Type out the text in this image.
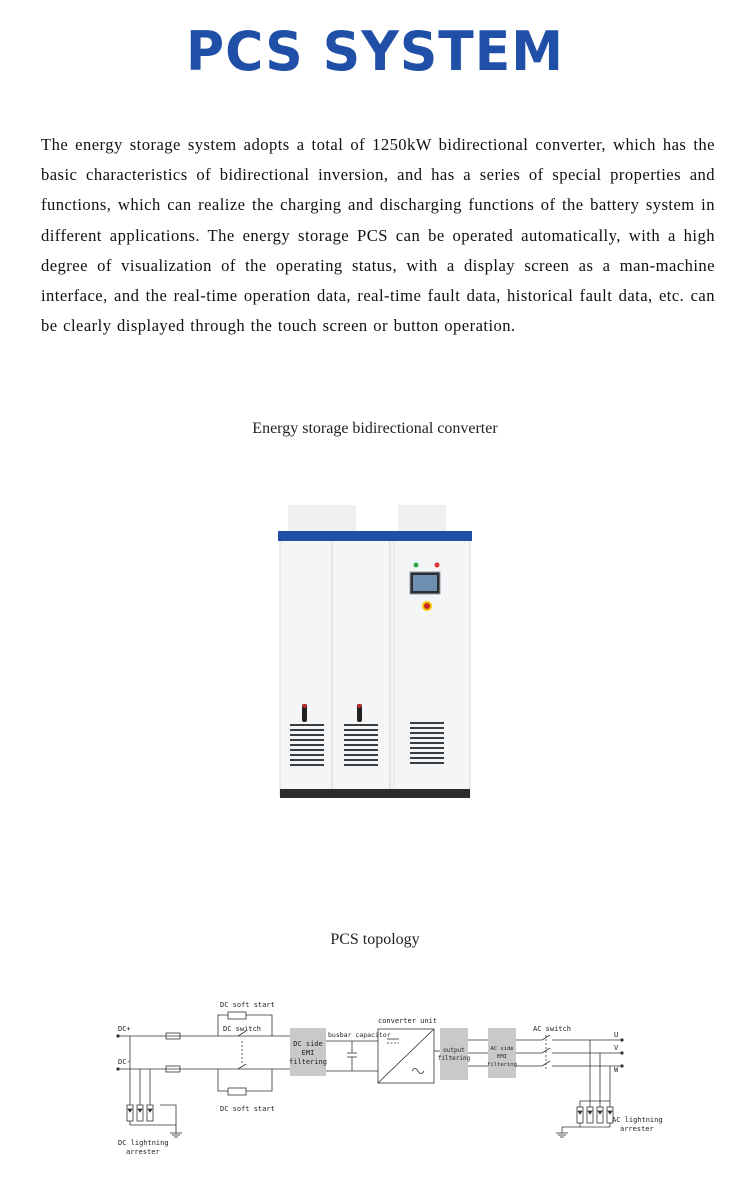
PCS SYSTEM

The energy storage system adopts a total of 1250kW bidirectional converter, which has the basic characteristics of bidirectional inversion, and has a series of special properties and functions, which can realize the charging and discharging functions of the battery system in different applications. The energy storage PCS can be operated automatically, with a high degree of visualization of the operating status, with a display screen as a man-machine interface, and the real-time operation data, real-time fault data, historical fault data, etc. can be clearly displayed through the touch screen or button operation.

Energy storage bidirectional converter
PCS topology
DC+
DC-
DC soft start
DC switch
DC soft start
DC side
EMI
filtering
busbar capacitor
converter unit
output
filtering
AC side
EMI
filtering
AC switch
U
V
W
DC lightning
arrester
AC lightning
arrester
